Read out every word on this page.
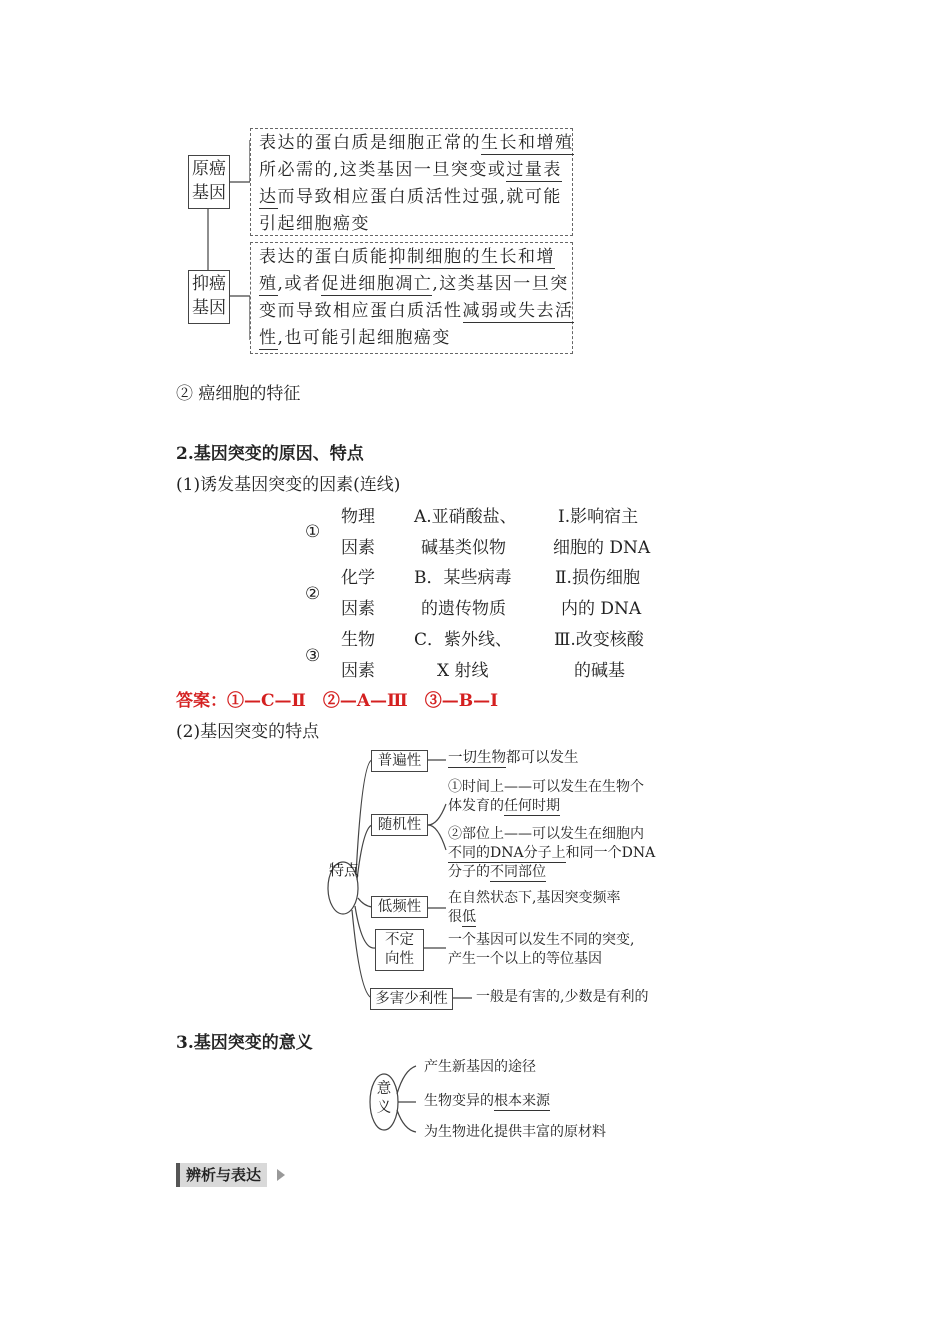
原癌基因
抑癌基因
表达的蛋白质是细胞正常的生长和增殖
所必需的,这类基因一旦突变或过量表
达而导致相应蛋白质活性过强,就可能
引起细胞癌变
表达的蛋白质能抑制细胞的生长和增
殖,或者促进细胞凋亡,这类基因一旦突
变而导致相应蛋白质活性减弱或失去活
性,也可能引起细胞癌变
② 癌细胞的特征
2.基因突变的原因、特点
(1)诱发基因突变的因素(连线)
①
物理
因素
A.亚硝酸盐、
碱基类似物
Ⅰ.影响宿主
细胞的 DNA
②
化学
因素
B．某些病毒
的遗传物质
Ⅱ.损伤细胞
内的 DNA
③
生物
因素
C．紫外线、
X 射线
Ⅲ.改变核酸
的碱基
答案：①—C—Ⅱ　②—A—Ⅲ　③—B—Ⅰ
(2)基因突变的特点
特点
普遍性	一切生物都可以发生
随机性
①时间上——可以发生在生物个
体发育的任何时期
②部位上——可以发生在细胞内
不同的DNA分子上和同一个DNA
分子的不同部位
低频性
在自然状态下,基因突变频率
很低
不定
向性
一个基因可以发生不同的突变,
产生一个以上的等位基因
多害少利性	一般是有害的,少数是有利的
3.基因突变的意义
意
义
产生新基因的途径
生物变异的根本来源
为生物进化提供丰富的原材料
辨析与表达
